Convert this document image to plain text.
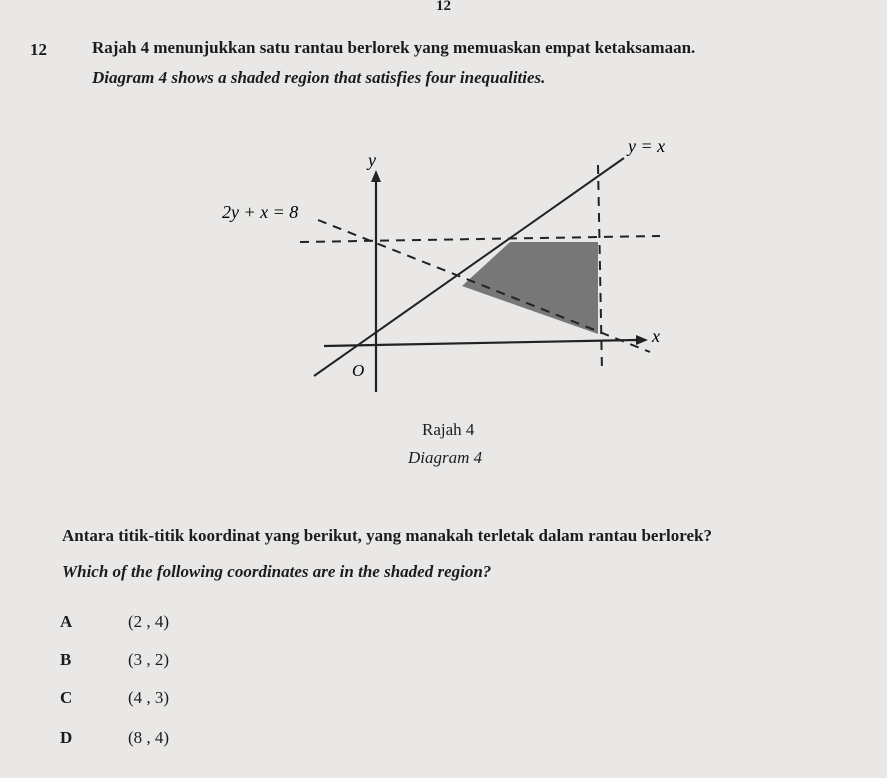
12
12	Rajah 4 menunjukkan satu rantau berlorek yang memuaskan empat ketaksamaan.
Diagram 4 shows a shaded region that satisfies four inequalities.
y
x
O
y = x
2y + x = 8
Rajah 4
Diagram 4
Antara titik-titik koordinat yang berikut, yang manakah terletak dalam rantau berlorek?
Which of the following coordinates are in the shaded region?
A	(2 , 4)
B	(3 , 2)
C	(4 , 3)
D	(8 , 4)
